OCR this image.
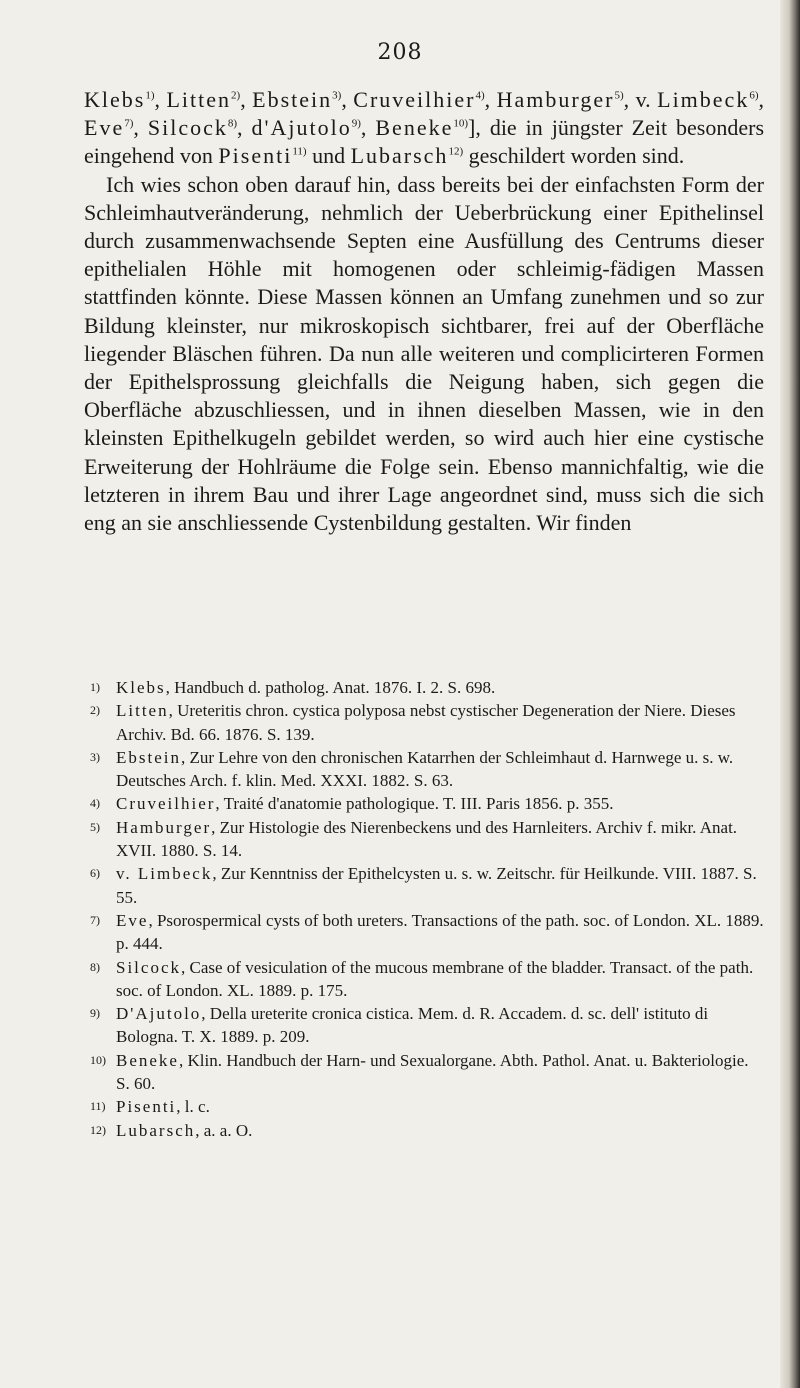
208

Klebs$^{1)}$, Litten$^{2)}$, Ebstein$^{3)}$, Cruveilhier$^{4)}$, Hamburger$^{5)}$, v. Limbeck$^{6)}$, Eve$^{7)}$, Silcock$^{8)}$, d'Ajutolo$^{9)}$, Beneke$^{10)}$], die in jüngster Zeit besonders eingehend von Pisenti$^{11)}$ und Lubarsch$^{12)}$ geschildert worden sind.

Ich wies schon oben darauf hin, dass bereits bei der einfachsten Form der Schleimhautveränderung, nehmlich der Ueberbrückung einer Epithelinsel durch zusammenwachsende Septen eine Ausfüllung des Centrums dieser epithelialen Höhle mit homogenen oder schleimig-fädigen Massen stattfinden könnte. Diese Massen können an Umfang zunehmen und so zur Bildung kleinster, nur mikroskopisch sichtbarer, frei auf der Oberfläche liegender Bläschen führen. Da nun alle weiteren und complicirteren Formen der Epithelsprossung gleichfalls die Neigung haben, sich gegen die Oberfläche abzuschliessen, und in ihnen dieselben Massen, wie in den kleinsten Epithelkugeln gebildet werden, so wird auch hier eine cystische Erweiterung der Hohlräume die Folge sein. Ebenso mannichfaltig, wie die letzteren in ihrem Bau und ihrer Lage angeordnet sind, muss sich die sich eng an sie anschliessende Cystenbildung gestalten. Wir finden

1) Klebs, Handbuch d. patholog. Anat. 1876. I. 2. S. 698.
2) Litten, Ureteritis chron. cystica polyposa nebst cystischer Degeneration der Niere. Dieses Archiv. Bd. 66. 1876. S. 139.
3) Ebstein, Zur Lehre von den chronischen Katarrhen der Schleimhaut d. Harnwege u. s. w. Deutsches Arch. f. klin. Med. XXXI. 1882. S. 63.
4) Cruveilhier, Traité d'anatomie pathologique. T. III. Paris 1856. p. 355.
5) Hamburger, Zur Histologie des Nierenbeckens und des Harnleiters. Archiv f. mikr. Anat. XVII. 1880. S. 14.
6) v. Limbeck, Zur Kenntniss der Epithelcysten u. s. w. Zeitschr. für Heilkunde. VIII. 1887. S. 55.
7) Eve, Psorospermical cysts of both ureters. Transactions of the path. soc. of London. XL. 1889. p. 444.
8) Silcock, Case of vesiculation of the mucous membrane of the bladder. Transact. of the path. soc. of London. XL. 1889. p. 175.
9) D'Ajutolo, Della ureterite cronica cistica. Mem. d. R. Accadem. d. sc. dell' istituto di Bologna. T. X. 1889. p. 209.
10) Beneke, Klin. Handbuch der Harn- und Sexualorgane. Abth. Pathol. Anat. u. Bakteriologie. S. 60.
11) Pisenti, l. c.
12) Lubarsch, a. a. O.
